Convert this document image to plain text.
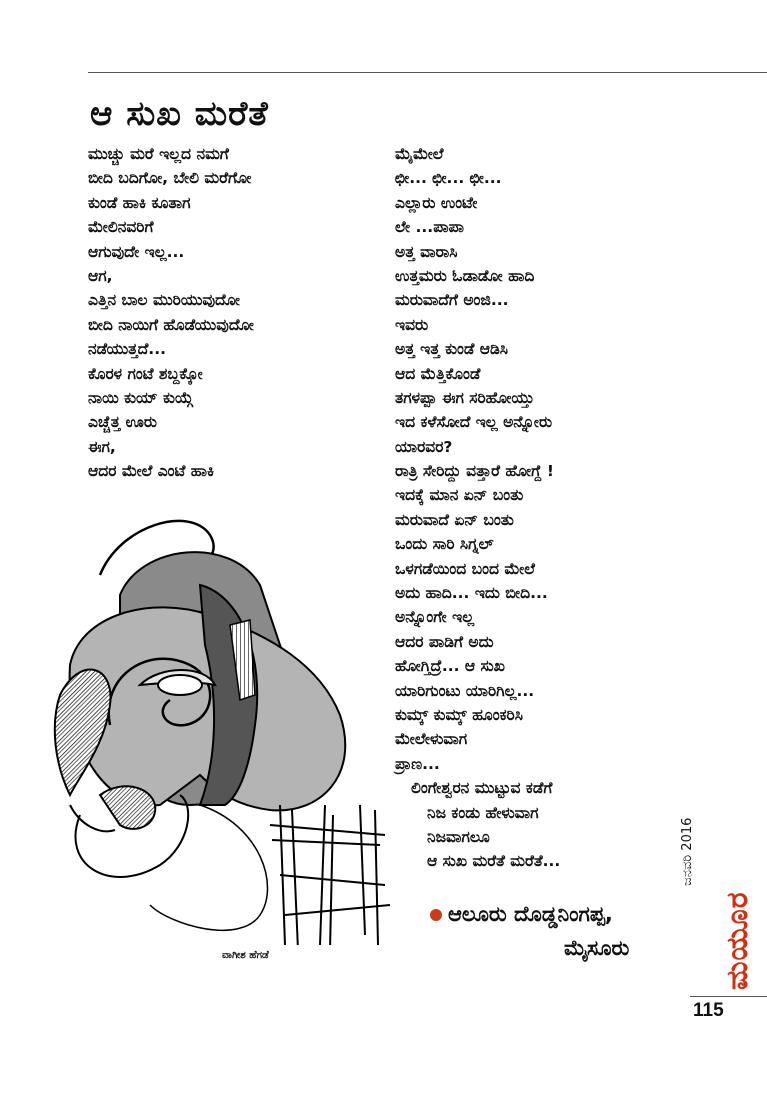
ಆ ಸುಖ ಮರೆತೆ
ಮುಚ್ಚು ಮರೆ ಇಲ್ಲದ ನಮಗೆ
ಬೀದಿ ಬದಿಗೋ, ಬೇಲಿ ಮರೆಗೋ
ಕುಂಡೆ ಹಾಕಿ ಕೂತಾಗ
ಮೇಲಿನವರಿಗೆ
ಆಗುವುದೇ ಇಲ್ಲ...
ಆಗ,
ಎತ್ತಿನ ಬಾಲ ಮುರಿಯುವುದೋ
ಬೀದಿ ನಾಯಿಗೆ ಹೊಡೆಯುವುದೋ
ನಡೆಯುತ್ತದೆ...
ಕೊರಳ ಗಂಟೆ ಶಬ್ದಕ್ಕೋ
ನಾಯಿ ಕುಯ್ ಕುಯ್ಗೆ
ಎಚ್ಚೆತ್ತ ಊರು
ಈಗ,
ಆದರ ಮೇಲೆ ಎಂಟೆ ಹಾಕಿ
ಮೈಮೇಲೆ
ಛೀ... ಛೀ... ಛೀ...
ಎಲ್ಲಾರು ಉಂಟೇ
ಲೇ ...ಪಾಪಾ
ಅತ್ತ ವಾರಾಸಿ
ಉತ್ತಮರು ಓಡಾಡೋ ಹಾದಿ
ಮರುವಾದೆಗೆ ಅಂಜಿ...
ಇವರು
ಅತ್ತ ಇತ್ತ ಕುಂಡೆ ಆಡಿಸಿ
ಆದ ಮೆತ್ತಿಕೊಂಡೆ
ತಗಳಪ್ಪಾ ಈಗ ಸರಿಹೋಯ್ತು
ಇದ ಕಳೆಸೋದೆ ಇಲ್ಲ ಅನ್ನೋರು
ಯಾರವರ?
ರಾತ್ರಿ ಸೇರಿದ್ದು ವತ್ತಾರೆ ಹೋಗ್ದೆ !
ಇದಕ್ಕೆ ಮಾನ ಏನ್ ಬಂತು
ಮರುವಾದೆ ಏನ್ ಬಂತು
ಒಂದು ಸಾರಿ ಸಿಗ್ನಲ್
ಒಳಗಡೆಯಿಂದ ಬಂದ ಮೇಲೆ
ಅದು ಹಾದಿ... ಇದು ಬೀದಿ...
ಅನ್ನೊಂಗೇ ಇಲ್ಲ
ಆದರ ಪಾಡಿಗೆ ಅದು
ಹೋಗ್ತಿದ್ರೆ... ಆ ಸುಖ
ಯಾರಿಗುಂಟು ಯಾರಿಗಿಲ್ಲ...
ಕುಮ್ಕ್ ಕುಮ್ಕ್ ಹೂಂಕರಿಸಿ
ಮೇಲೇಳುವಾಗ
ಪ್ರಾಣ...
ಲಿಂಗೇಶ್ವರನ ಮುಟ್ಟುವ ಕಡೆಗೆ
ನಿಜ ಕಂಡು ಹೇಳುವಾಗ
ನಿಜವಾಗಲೂ
ಆ ಸುಖ ಮರೆತೆ ಮರೆತೆ...
ವಾಗೀಶ ಹೆಗಡೆ
ಆಲೂರು ದೊಡ್ಡನಿಂಗಪ್ಪ,
ಮೈಸೂರು
ಜನವರಿ 2016
ಮಯೂರ
115
